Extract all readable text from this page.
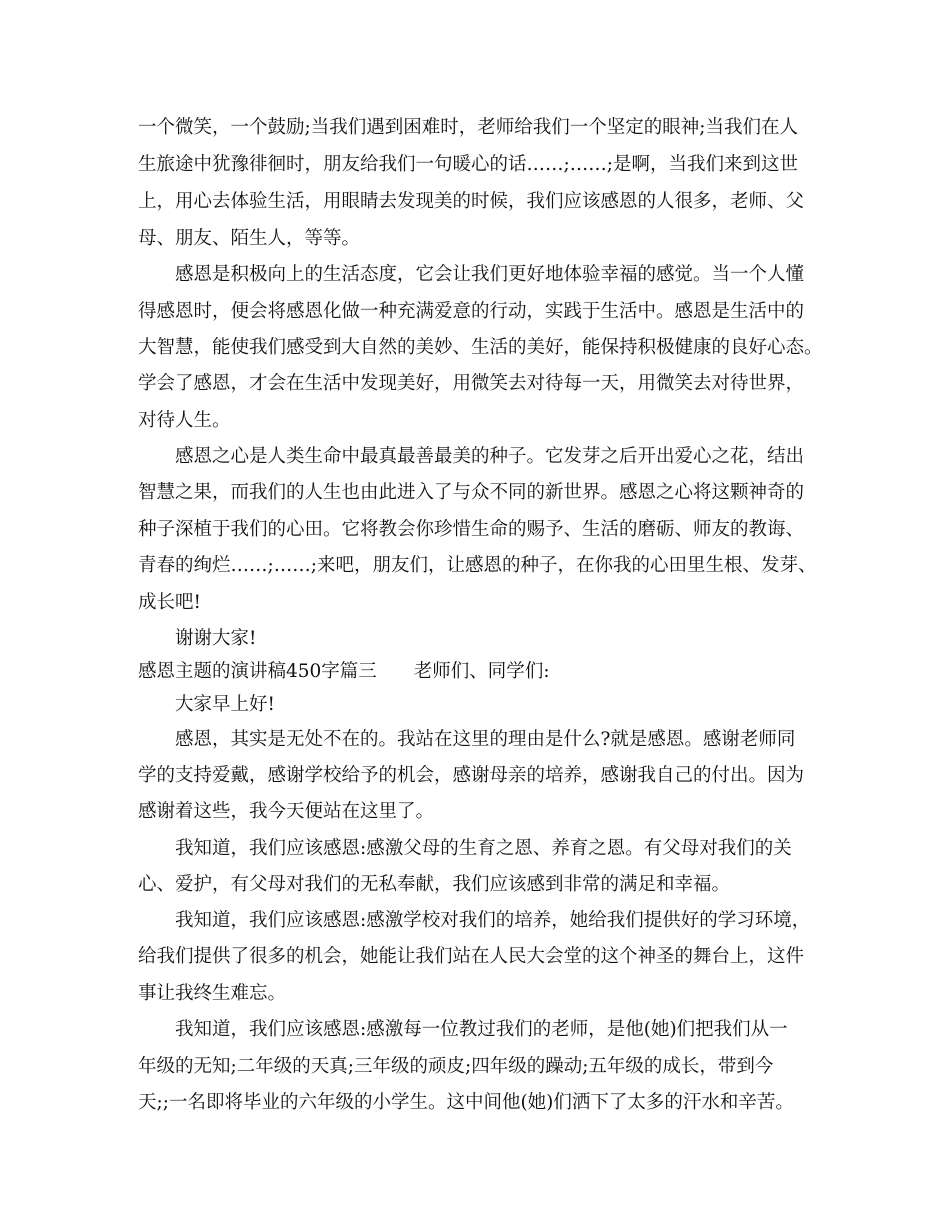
一个微笑，一个鼓励;当我们遇到困难时，老师给我们一个坚定的眼神;当我们在人
生旅途中犹豫徘徊时，朋友给我们一句暖心的话……;……;是啊，当我们来到这世
上，用心去体验生活，用眼睛去发现美的时候，我们应该感恩的人很多，老师、父
母、朋友、陌生人，等等。
感恩是积极向上的生活态度，它会让我们更好地体验幸福的感觉。当一个人懂
得感恩时，便会将感恩化做一种充满爱意的行动，实践于生活中。感恩是生活中的
大智慧，能使我们感受到大自然的美妙、生活的美好，能保持积极健康的良好心态。
学会了感恩，才会在生活中发现美好，用微笑去对待每一天，用微笑去对待世界，
对待人生。
感恩之心是人类生命中最真最善最美的种子。它发芽之后开出爱心之花，结出
智慧之果，而我们的人生也由此进入了与众不同的新世界。感恩之心将这颗神奇的
种子深植于我们的心田。它将教会你珍惜生命的赐予、生活的磨砺、师友的教诲、
青春的绚烂……;……;来吧，朋友们，让感恩的种子，在你我的心田里生根、发芽、
成长吧!
谢谢大家!
感恩主题的演讲稿450字篇三　　老师们、同学们:
大家早上好!
感恩，其实是无处不在的。我站在这里的理由是什么?就是感恩。感谢老师同
学的支持爱戴，感谢学校给予的机会，感谢母亲的培养，感谢我自己的付出。因为
感谢着这些，我今天便站在这里了。
我知道，我们应该感恩:感激父母的生育之恩、养育之恩。有父母对我们的关
心、爱护，有父母对我们的无私奉献，我们应该感到非常的满足和幸福。
我知道，我们应该感恩:感激学校对我们的培养，她给我们提供好的学习环境，
给我们提供了很多的机会，她能让我们站在人民大会堂的这个神圣的舞台上，这件
事让我终生难忘。
我知道，我们应该感恩:感激每一位教过我们的老师，是他(她)们把我们从一
年级的无知;二年级的天真;三年级的顽皮;四年级的躁动;五年级的成长，带到今
天;;一名即将毕业的六年级的小学生。这中间他(她)们洒下了太多的汗水和辛苦。
